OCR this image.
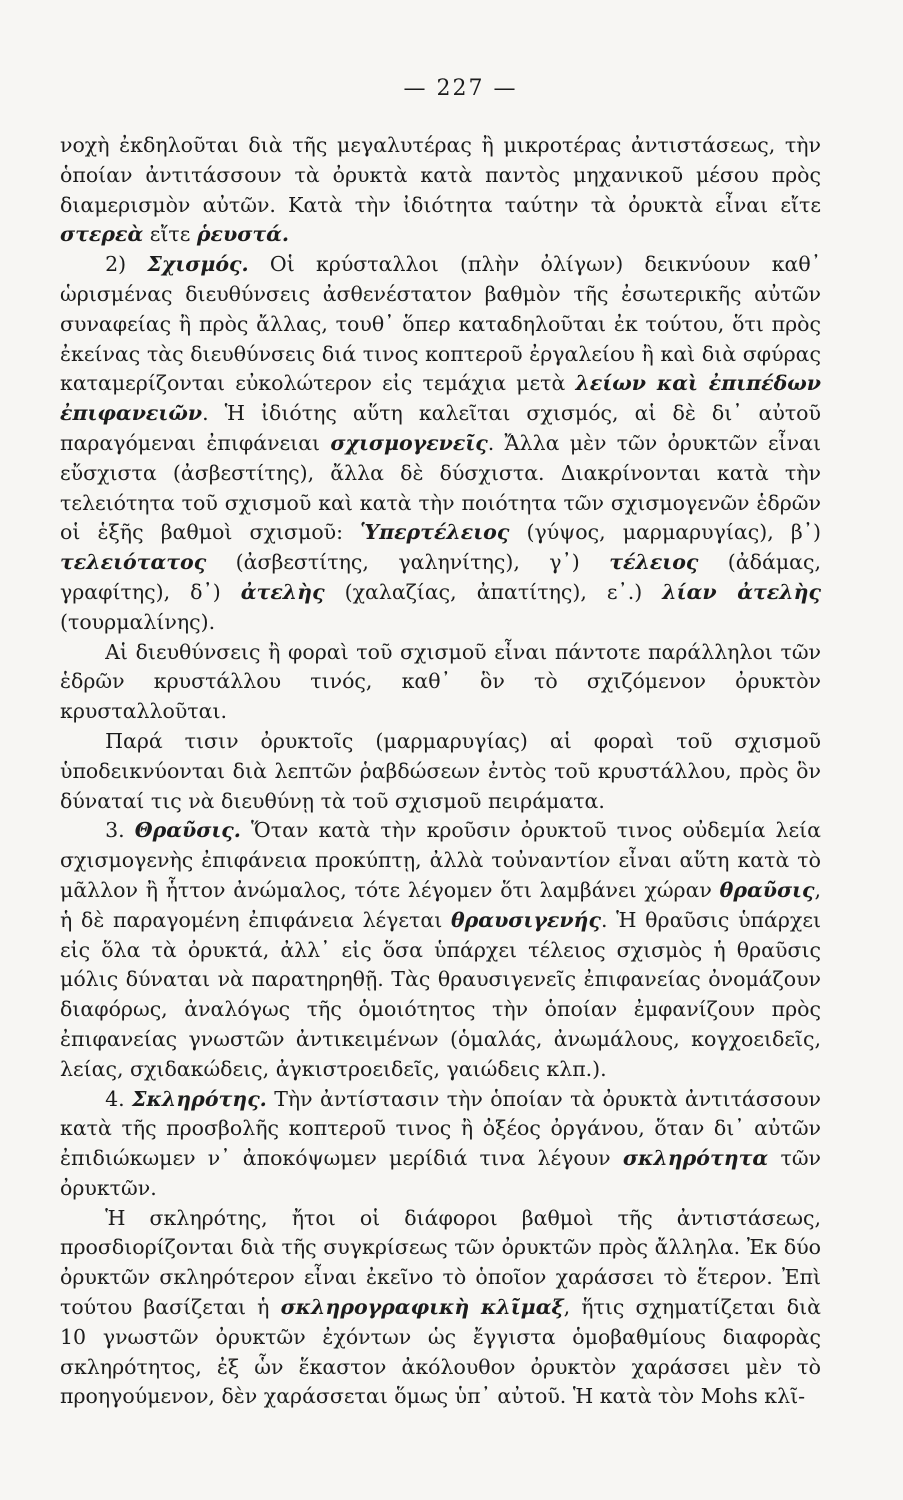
— 227 —

νοχὴ ἐκδηλοῦται διὰ τῆς μεγαλυτέρας ἢ μικροτέρας ἀντιστάσεως, τὴν ὁποίαν ἀντιτάσσουν τὰ ὀρυκτὰ κατὰ παντὸς μηχανικοῦ μέσου πρὸς διαμερισμὸν αὐτῶν. Κατὰ τὴν ἰδιότητα ταύτην τὰ ὀρυκτὰ εἶναι εἴτε στερεὰ εἴτε ῥευστά.

2) Σχισμός. Οἱ κρύσταλλοι (πλὴν ὀλίγων) δεικνύουν καθ᾽ ὡρισμένας διευθύνσεις ἀσθενέστατον βαθμὸν τῆς ἐσωτερικῆς αὐτῶν συναφείας ἢ πρὸς ἄλλας, τουθ᾽ ὅπερ καταδηλοῦται ἐκ τούτου, ὅτι πρὸς ἐκείνας τὰς διευθύνσεις διά τινος κοπτεροῦ ἐργαλείου ἢ καὶ διὰ σφύρας καταμερίζονται εὐκολώτερον εἰς τεμάχια μετὰ λείων καὶ ἐπιπέδων ἐπιφανειῶν. Ἡ ἰδιότης αὕτη καλεῖται σχισμός, αἱ δὲ δι᾽ αὐτοῦ παραγόμεναι ἐπιφάνειαι σχισμογενεῖς. Ἄλλα μὲν τῶν ὀρυκτῶν εἶναι εὔσχιστα (ἀσβεστίτης), ἄλλα δὲ δύσχιστα. Διακρίνονται κατὰ τὴν τελειότητα τοῦ σχισμοῦ καὶ κατὰ τὴν ποιότητα τῶν σχισμογενῶν ἑδρῶν οἱ ἑξῆς βαθμοὶ σχισμοῦ: Ὑπερτέλειος (γύψος, μαρμαρυγίας), β᾽) τελειότατος (ἀσβεστίτης, γαληνίτης), γ᾽) τέλειος (ἀδάμας, γραφίτης), δ᾽) ἀτελὴς (χαλαζίας, ἀπατίτης), ε᾽.) λίαν ἀτελὴς (τουρμαλίνης).

Αἱ διευθύνσεις ἢ φοραὶ τοῦ σχισμοῦ εἶναι πάντοτε παράλληλοι τῶν ἑδρῶν κρυστάλλου τινός, καθ᾽ ὃν τὸ σχιζόμενον ὀρυκτὸν κρυσταλλοῦται.

Παρά τισιν ὀρυκτοῖς (μαρμαρυγίας) αἱ φοραὶ τοῦ σχισμοῦ ὑποδεικνύονται διὰ λεπτῶν ῥαβδώσεων ἐντὸς τοῦ κρυστάλλου, πρὸς ὃν δύναταί τις νὰ διευθύνῃ τὰ τοῦ σχισμοῦ πειράματα.

3. Θραῦσις. Ὅταν κατὰ τὴν κροῦσιν ὀρυκτοῦ τινος οὐδεμία λεία σχισμογενὴς ἐπιφάνεια προκύπτῃ, ἀλλὰ τοὐναντίον εἶναι αὕτη κατὰ τὸ μᾶλλον ἢ ἧττον ἀνώμαλος, τότε λέγομεν ὅτι λαμβάνει χώραν θραῦσις, ἡ δὲ παραγομένη ἐπιφάνεια λέγεται θραυσιγενής. Ἡ θραῦσις ὑπάρχει εἰς ὅλα τὰ ὀρυκτά, ἀλλ᾽ εἰς ὅσα ὑπάρχει τέλειος σχισμὸς ἡ θραῦσις μόλις δύναται νὰ παρατηρηθῇ. Τὰς θραυσιγενεῖς ἐπιφανείας ὀνομάζουν διαφόρως, ἀναλόγως τῆς ὁμοιότητος τὴν ὁποίαν ἐμφανίζουν πρὸς ἐπιφανείας γνωστῶν ἀντικειμένων (ὁμαλάς, ἀνωμάλους, κογχοειδεῖς, λείας, σχιδακώδεις, ἀγκιστροειδεῖς, γαιώδεις κλπ.).

4. Σκληρότης. Τὴν ἀντίστασιν τὴν ὁποίαν τὰ ὀρυκτὰ ἀντιτάσσουν κατὰ τῆς προσβολῆς κοπτεροῦ τινος ἢ ὀξέος ὀργάνου, ὅταν δι᾽ αὐτῶν ἐπιδιώκωμεν ν᾽ ἀποκόψωμεν μερίδιά τινα λέγουν σκληρότητα τῶν ὀρυκτῶν.

Ἡ σκληρότης, ἤτοι οἱ διάφοροι βαθμοὶ τῆς ἀντιστάσεως, προσδιορίζονται διὰ τῆς συγκρίσεως τῶν ὀρυκτῶν πρὸς ἄλληλα. Ἐκ δύο ὀρυκτῶν σκληρότερον εἶναι ἐκεῖνο τὸ ὁποῖον χαράσσει τὸ ἕτερον. Ἐπὶ τούτου βασίζεται ἡ σκληρογραφικὴ κλῖμαξ, ἥτις σχηματίζεται διὰ 10 γνωστῶν ὀρυκτῶν ἐχόντων ὡς ἔγγιστα ὁμοβαθμίους διαφορὰς σκληρότητος, ἐξ ὧν ἕκαστον ἀκόλουθον ὀρυκτὸν χαράσσει μὲν τὸ προηγούμενον, δὲν χαράσσεται ὅμως ὑπ᾽ αὐτοῦ. Ἡ κατὰ τὸν Mohs κλῖ-
